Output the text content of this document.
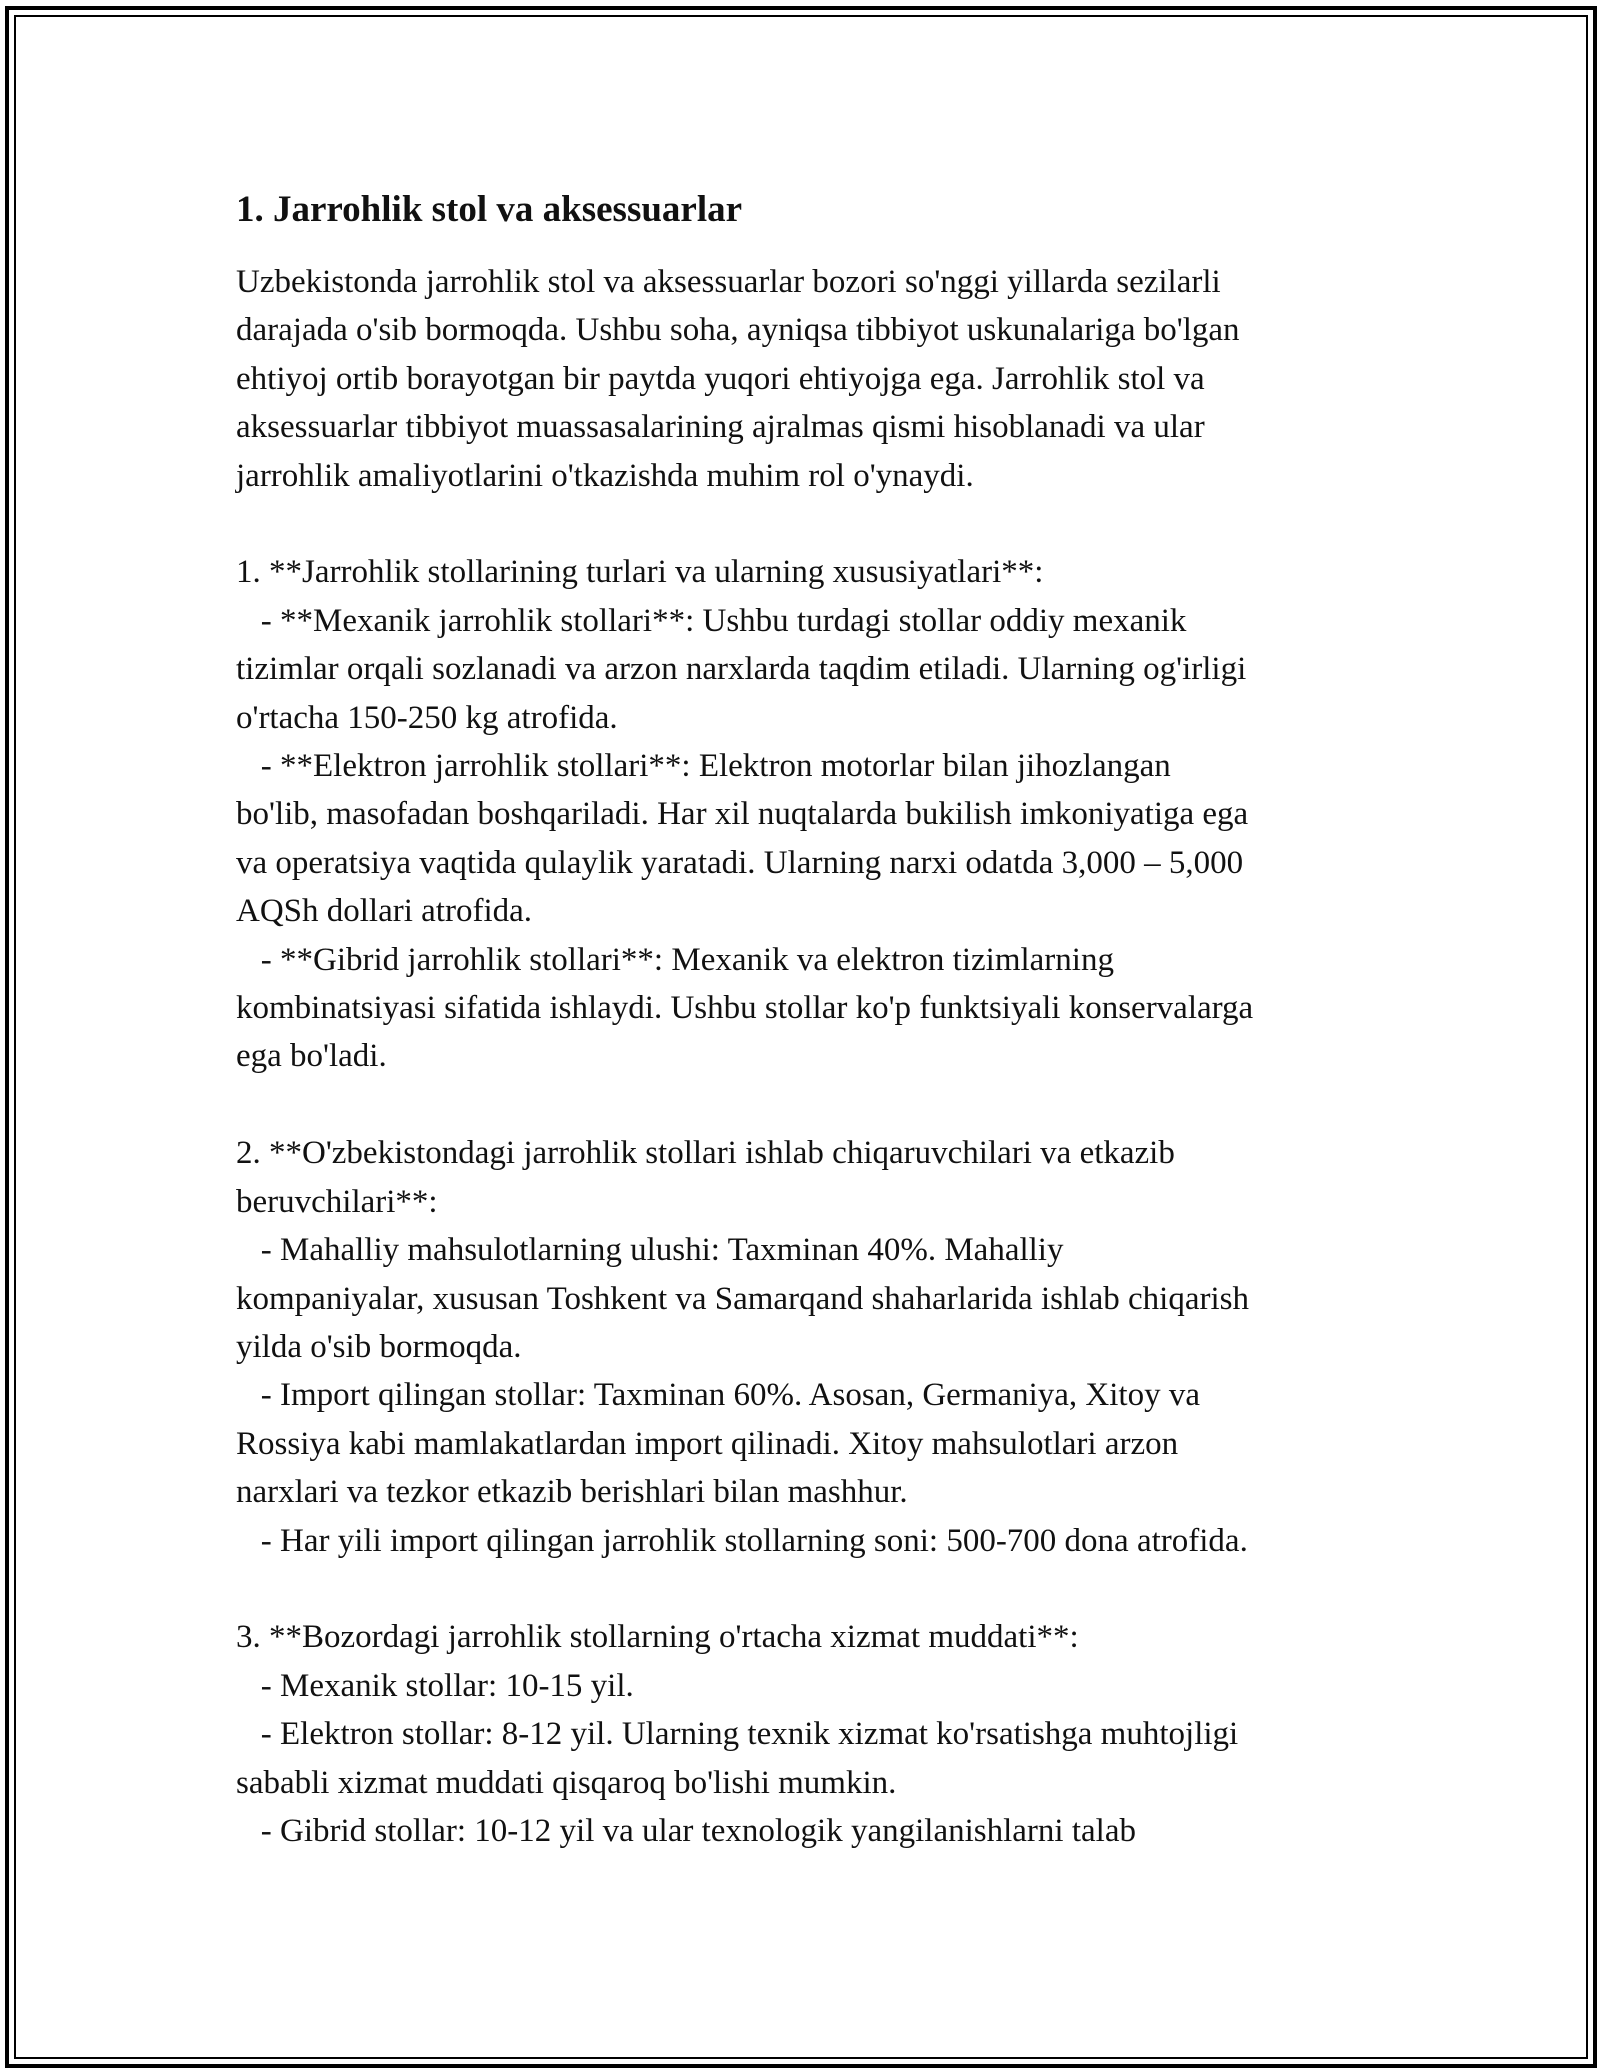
1. Jarrohlik stol va aksessuarlar

Uzbekistonda jarrohlik stol va aksessuarlar bozori so'nggi yillarda sezilarli
darajada o'sib bormoqda. Ushbu soha, ayniqsa tibbiyot uskunalariga bo'lgan
ehtiyoj ortib borayotgan bir paytda yuqori ehtiyojga ega. Jarrohlik stol va
aksessuarlar tibbiyot muassasalarining ajralmas qismi hisoblanadi va ular
jarrohlik amaliyotlarini o'tkazishda muhim rol o'ynaydi.

1. **Jarrohlik stollarining turlari va ularning xususiyatlari**:

- **Mexanik jarrohlik stollari**: Ushbu turdagi stollar oddiy mexanik
tizimlar orqali sozlanadi va arzon narxlarda taqdim etiladi. Ularning og'irligi
o'rtacha 150-250 kg atrofida.

- **Elektron jarrohlik stollari**: Elektron motorlar bilan jihozlangan
bo'lib, masofadan boshqariladi. Har xil nuqtalarda bukilish imkoniyatiga ega
va operatsiya vaqtida qulaylik yaratadi. Ularning narxi odatda 3,000 – 5,000
AQSh dollari atrofida.

- **Gibrid jarrohlik stollari**: Mexanik va elektron tizimlarning
kombinatsiyasi sifatida ishlaydi. Ushbu stollar ko'p funktsiyali konservalarga
ega bo'ladi.

2. **O'zbekistondagi jarrohlik stollari ishlab chiqaruvchilari va etkazib
beruvchilari**:

- Mahalliy mahsulotlarning ulushi: Taxminan 40%. Mahalliy
kompaniyalar, xususan Toshkent va Samarqand shaharlarida ishlab chiqarish
yilda o'sib bormoqda.

- Import qilingan stollar: Taxminan 60%. Asosan, Germaniya, Xitoy va
Rossiya kabi mamlakatlardan import qilinadi. Xitoy mahsulotlari arzon
narxlari va tezkor etkazib berishlari bilan mashhur.

- Har yili import qilingan jarrohlik stollarning soni: 500-700 dona atrofida.

3. **Bozordagi jarrohlik stollarning o'rtacha xizmat muddati**:

- Mexanik stollar: 10-15 yil.

- Elektron stollar: 8-12 yil. Ularning texnik xizmat ko'rsatishga muhtojligi
sababli xizmat muddati qisqaroq bo'lishi mumkin.

- Gibrid stollar: 10-12 yil va ular texnologik yangilanishlarni talab
